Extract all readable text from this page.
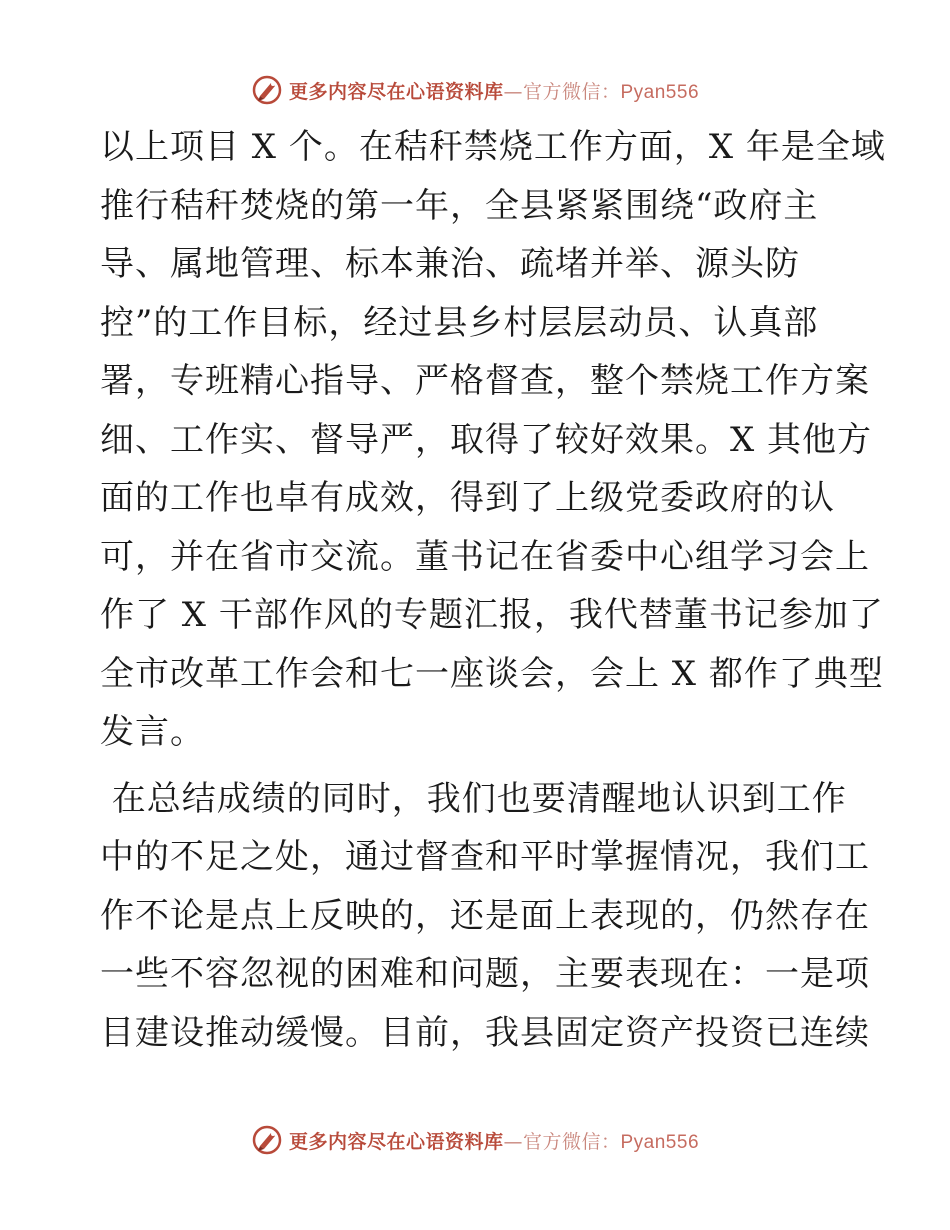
更多内容尽在心语资料库—官方微信：Pyan556

以上项目 X 个。在秸秆禁烧工作方面，X 年是全域
推行秸秆焚烧的第一年，全县紧紧围绕“政府主
导、属地管理、标本兼治、疏堵并举、源头防
控”的工作目标，经过县乡村层层动员、认真部
署，专班精心指导、严格督查，整个禁烧工作方案
细、工作实、督导严，取得了较好效果。X 其他方
面的工作也卓有成效，得到了上级党委政府的认
可，并在省市交流。董书记在省委中心组学习会上
作了 X 干部作风的专题汇报，我代替董书记参加了
全市改革工作会和七一座谈会，会上 X 都作了典型
发言。

在总结成绩的同时，我们也要清醒地认识到工作
中的不足之处，通过督查和平时掌握情况，我们工
作不论是点上反映的，还是面上表现的，仍然存在
一些不容忽视的困难和问题，主要表现在：一是项
目建设推动缓慢。目前，我县固定资产投资已连续

更多内容尽在心语资料库—官方微信：Pyan556
